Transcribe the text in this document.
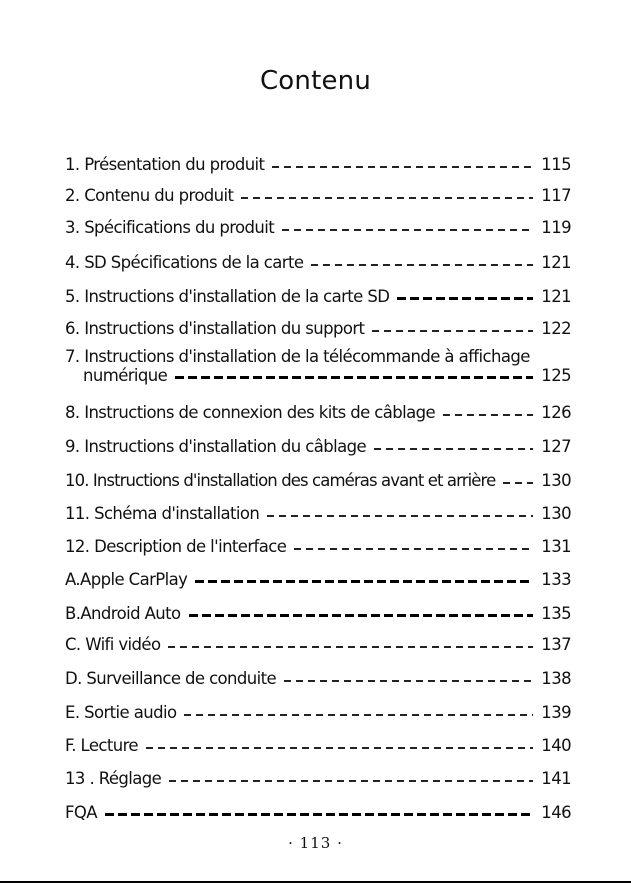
Contenu
1. Présentation du produit	115
2. Contenu du produit	117
3. Spécifications du produit	119
4. SD Spécifications de la carte	121
5. Instructions d'installation de la carte SD	121
6. Instructions d'installation du support	122
7. Instructions d'installation de la télécommande à affichage
numérique	125
8. Instructions de connexion des kits de câblage	126
9. Instructions d'installation du câblage	127
10. Instructions d'installation des caméras avant et arrière	130
11. Schéma d'installation	130
12. Description de l'interface	131
A.Apple CarPlay	133
B.Android Auto	135
C. Wifi vidéo	137
D. Surveillance de conduite	138
E. Sortie audio	139
F. Lecture	140
13 . Réglage	141
FQA	146
· 113 ·
